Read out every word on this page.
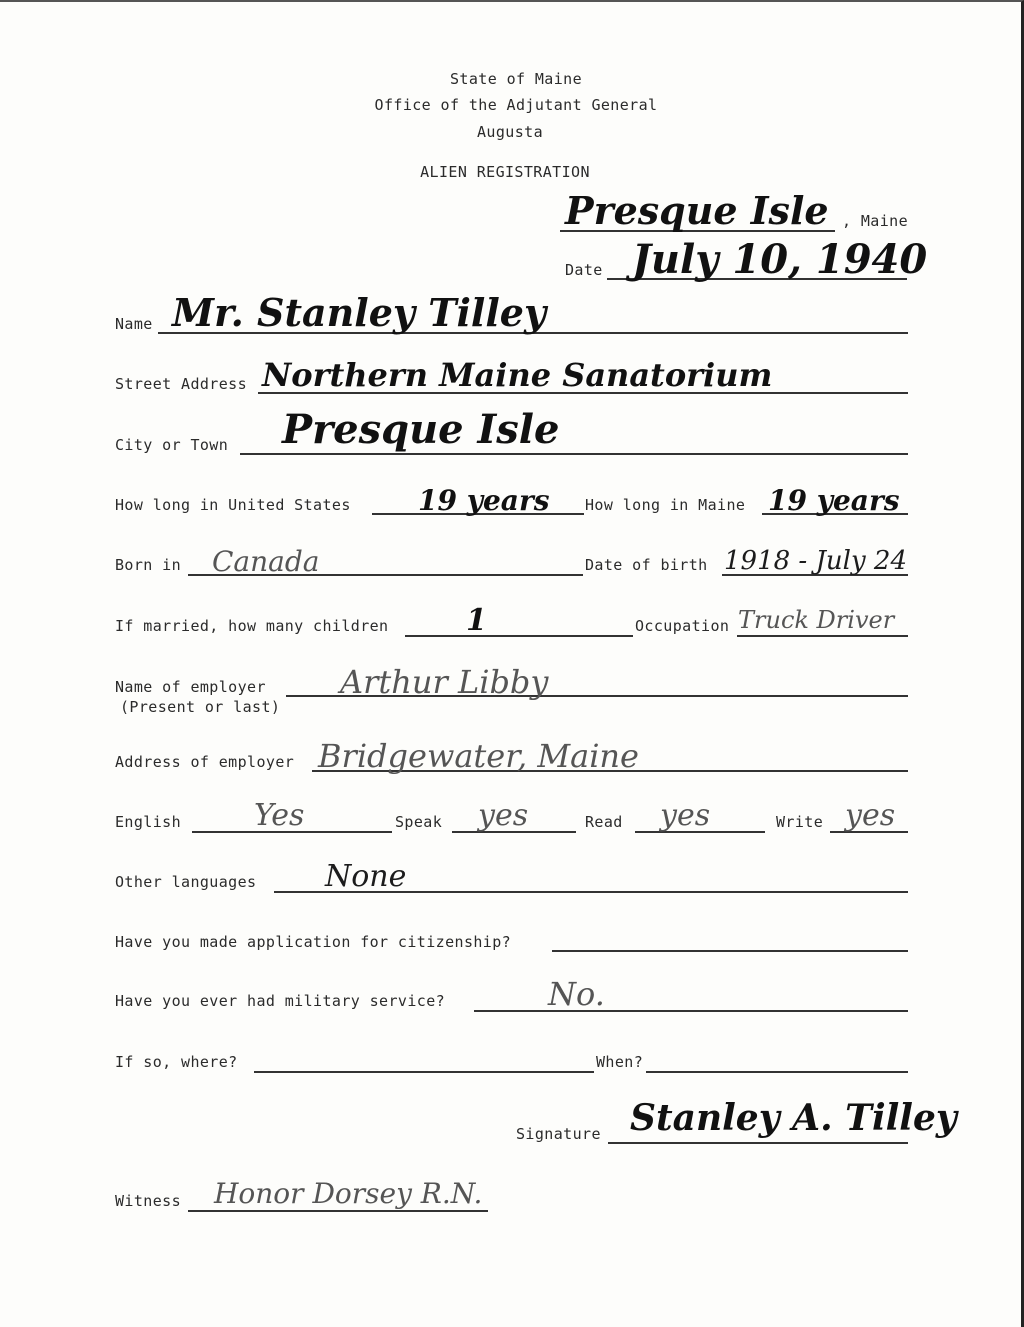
State of Maine
Office of the Adjutant General
Augusta
ALIEN REGISTRATION
Presque Isle , Maine
Date July 10, 1940
Name Mr. Stanley Tilley
Street Address Northern Maine Sanatorium
City or Town Presque Isle
How long in United States 19 years How long in Maine 19 years
Born in Canada	Date of birth 1918 - July 24
If married, how many children	1	Occupation Truck Driver
Name of employer
(Present or last)
Arthur Libby
Address of employer Bridgewater, Maine
English Yes	Speak yes	Read yes	Write yes
Other languages None
Have you made application for citizenship?
Have you ever had military service?	No.
If so, where?	When?
Signature Stanley A. Tilley
Witness Honor Dorsey R.N.
